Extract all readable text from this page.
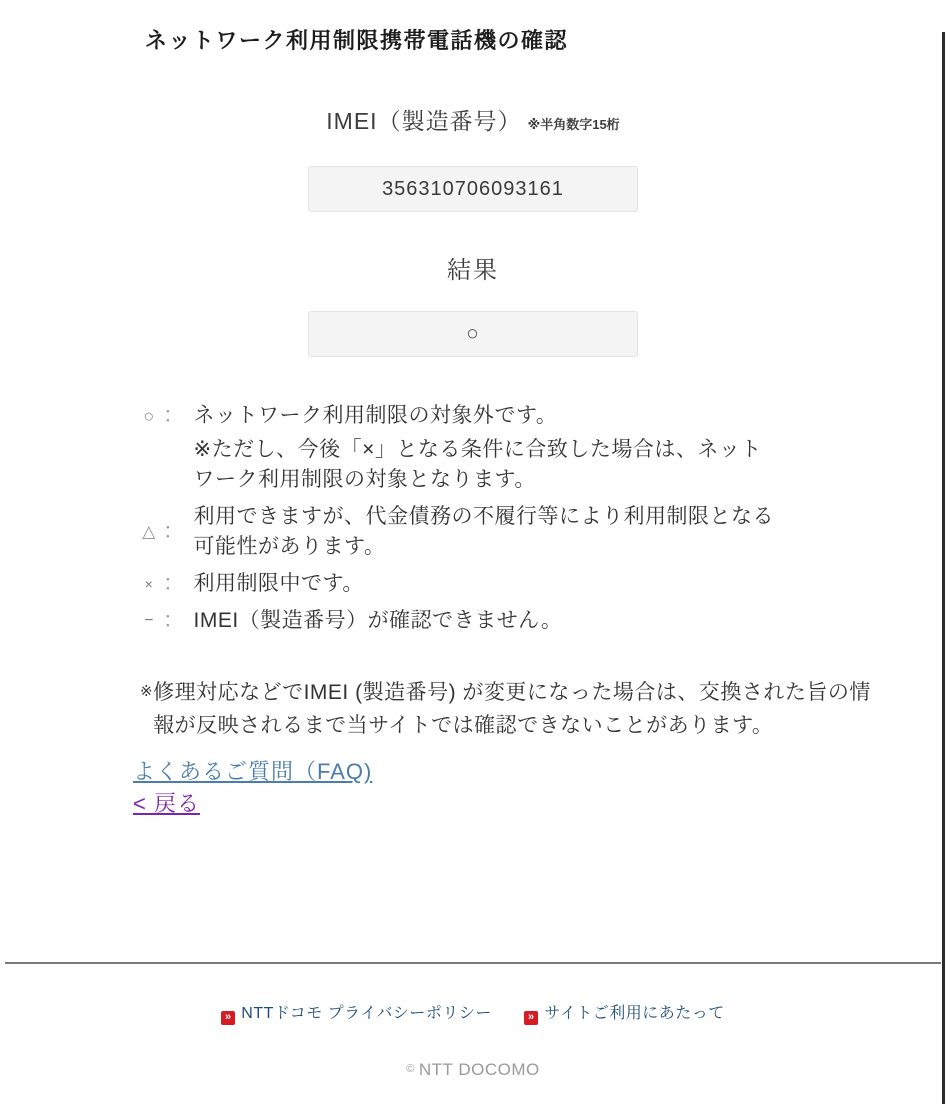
ネットワーク利用制限携帯電話機の確認
IMEI（製造番号） ※半角数字15桁
356310706093161
結果
○
○ ： ネットワーク利用制限の対象外です。
※ただし、今後「×」となる条件に合致した場合は、ネットワーク利用制限の対象となります。
△ ：
利用できますが、代金債務の不履行等により利用制限となる可能性があります。
× ： 利用制限中です。
− ： IMEI（製造番号）が確認できません。
※ 修理対応などでIMEI (製造番号) が変更になった場合は、交換された旨の情報が反映されるまで当サイトでは確認できないことがあります。
よくあるご質問（FAQ)
< 戻る
» NTTドコモ プライバシーポリシー	» サイトご利用にあたって
© NTT DOCOMO
